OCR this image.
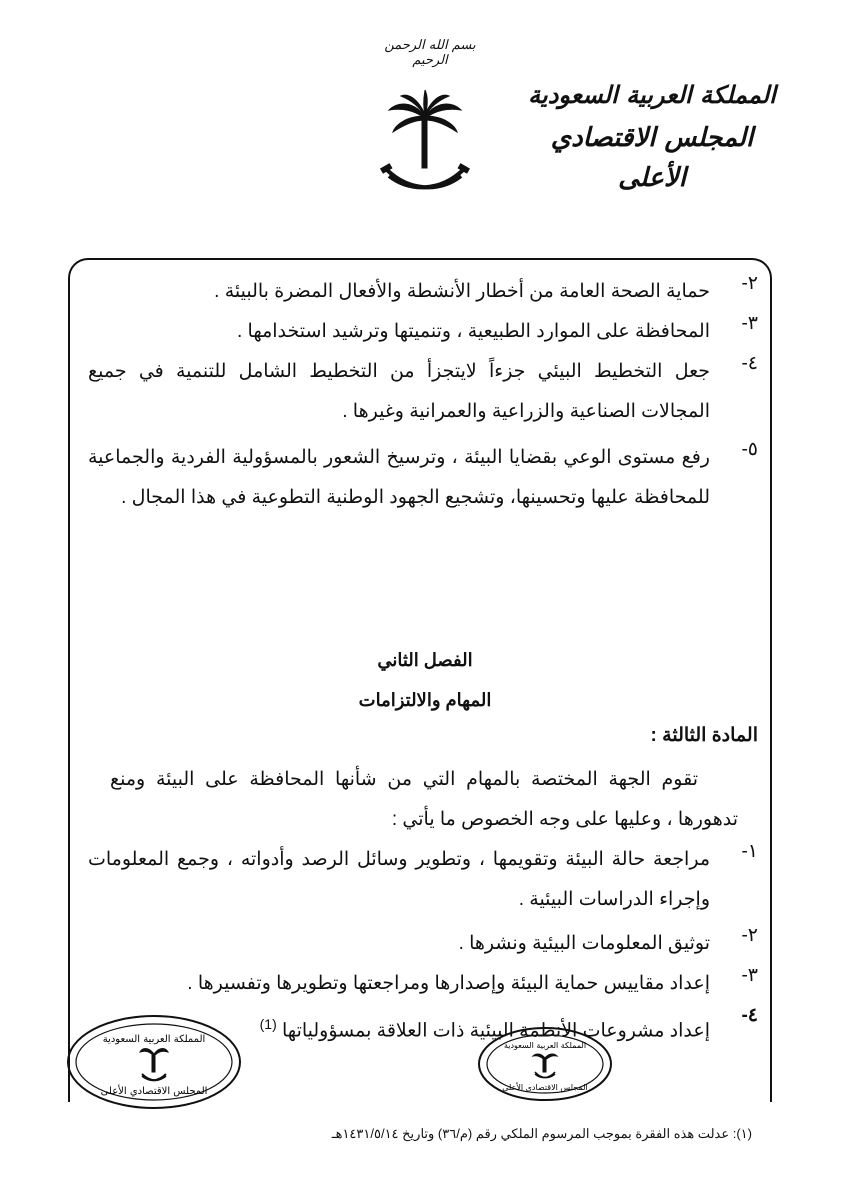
بسم الله الرحمن الرحيم
المملكة العربية السعودية
المجلس الاقتصادي الأعلى
٢-
حماية الصحة العامة من أخطار الأنشطة والأفعال المضرة بالبيئة .
٣-
المحافظة على الموارد الطبيعية ، وتنميتها وترشيد استخدامها .
٤-
جعل التخطيط البيئي جزءاً لايتجزأ من التخطيط الشامل للتنمية في جميع المجالات الصناعية والزراعية والعمرانية وغيرها .
٥-
رفع مستوى الوعي بقضايا البيئة ، وترسيخ الشعور بالمسؤولية الفردية والجماعية للمحافظة عليها وتحسينها، وتشجيع الجهود الوطنية التطوعية في هذا المجال .
الفصل الثاني
المهام والالتزامات
المادة الثالثة :
تقوم الجهة المختصة بالمهام التي من شأنها المحافظة على البيئة ومنع تدهورها ، وعليها على وجه الخصوص ما يأتي :
١-
مراجعة حالة البيئة وتقويمها ، وتطوير وسائل الرصد وأدواته ، وجمع المعلومات وإجراء الدراسات البيئية .
٢-
توثيق المعلومات البيئية ونشرها .
٣-
إعداد مقاييس حماية البيئة وإصدارها ومراجعتها وتطويرها وتفسيرها .
٤-
إعداد مشروعات الأنظمة البيئية ذات العلاقة بمسؤولياتها $^{(1)}$
المملكة العربية السعودية
المجلس الاقتصادي الأعلى
المملكة العربية السعودية
المجلس الاقتصادي الأعلى
(١): عدلت هذه الفقرة بموجب المرسوم الملكي رقم (م/٣٦) وتاريخ ١٤٣١/٥/١٤هـ
